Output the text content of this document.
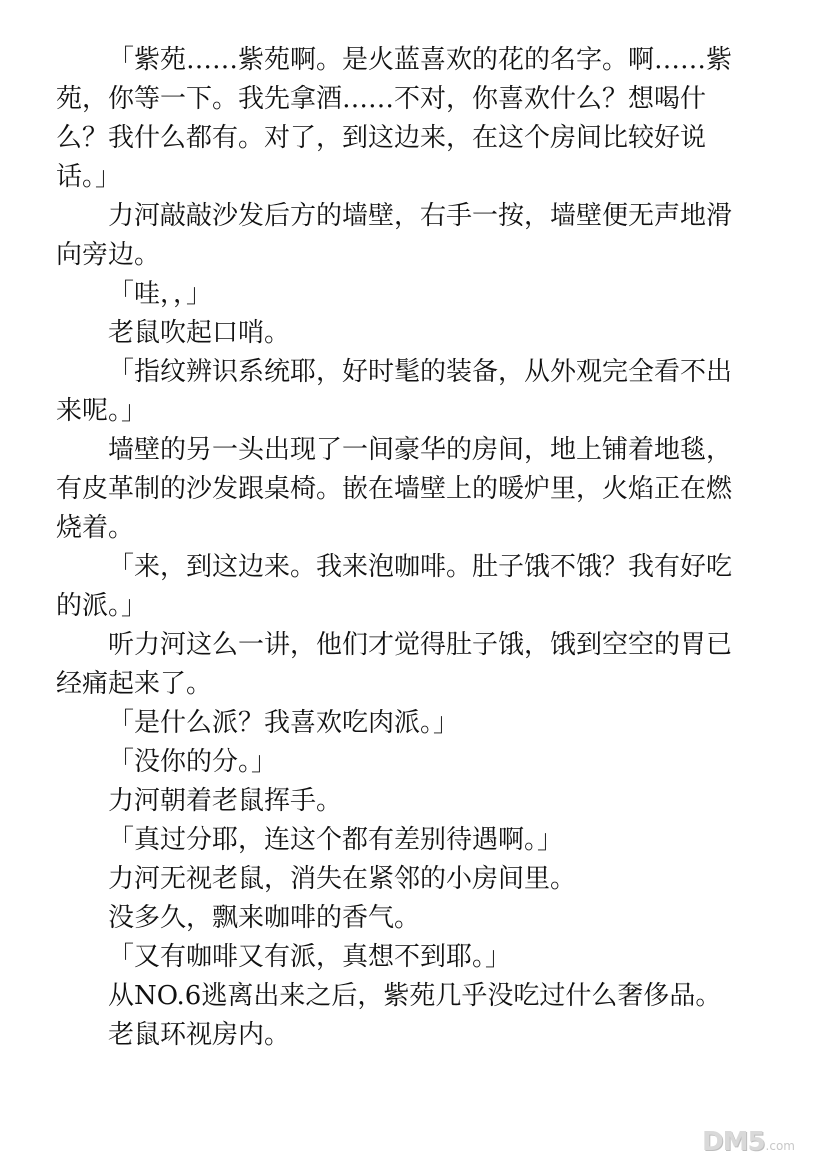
「紫苑……紫苑啊。是火蓝喜欢的花的名字。啊……紫苑，你等一下。我先拿酒……不对，你喜欢什么？想喝什么？我什么都有。对了，到这边来，在这个房间比较好说话。」

力河敲敲沙发后方的墙壁，右手一按，墙壁便无声地滑向旁边。

「哇，，」

老鼠吹起口哨。

「指纹辨识系统耶，好时髦的装备，从外观完全看不出来呢。」

墙壁的另一头出现了一间豪华的房间，地上铺着地毯，有皮革制的沙发跟桌椅。嵌在墙壁上的暖炉里，火焰正在燃烧着。

「来，到这边来。我来泡咖啡。肚子饿不饿？我有好吃的派。」

听力河这么一讲，他们才觉得肚子饿，饿到空空的胃已经痛起来了。

「是什么派？我喜欢吃肉派。」

「没你的分。」

力河朝着老鼠挥手。

「真过分耶，连这个都有差别待遇啊。」

力河无视老鼠，消失在紧邻的小房间里。

没多久，飘来咖啡的香气。

「又有咖啡又有派，真想不到耶。」

从NO.6逃离出来之后，紫苑几乎没吃过什么奢侈品。

老鼠环视房内。

DM5 .com
